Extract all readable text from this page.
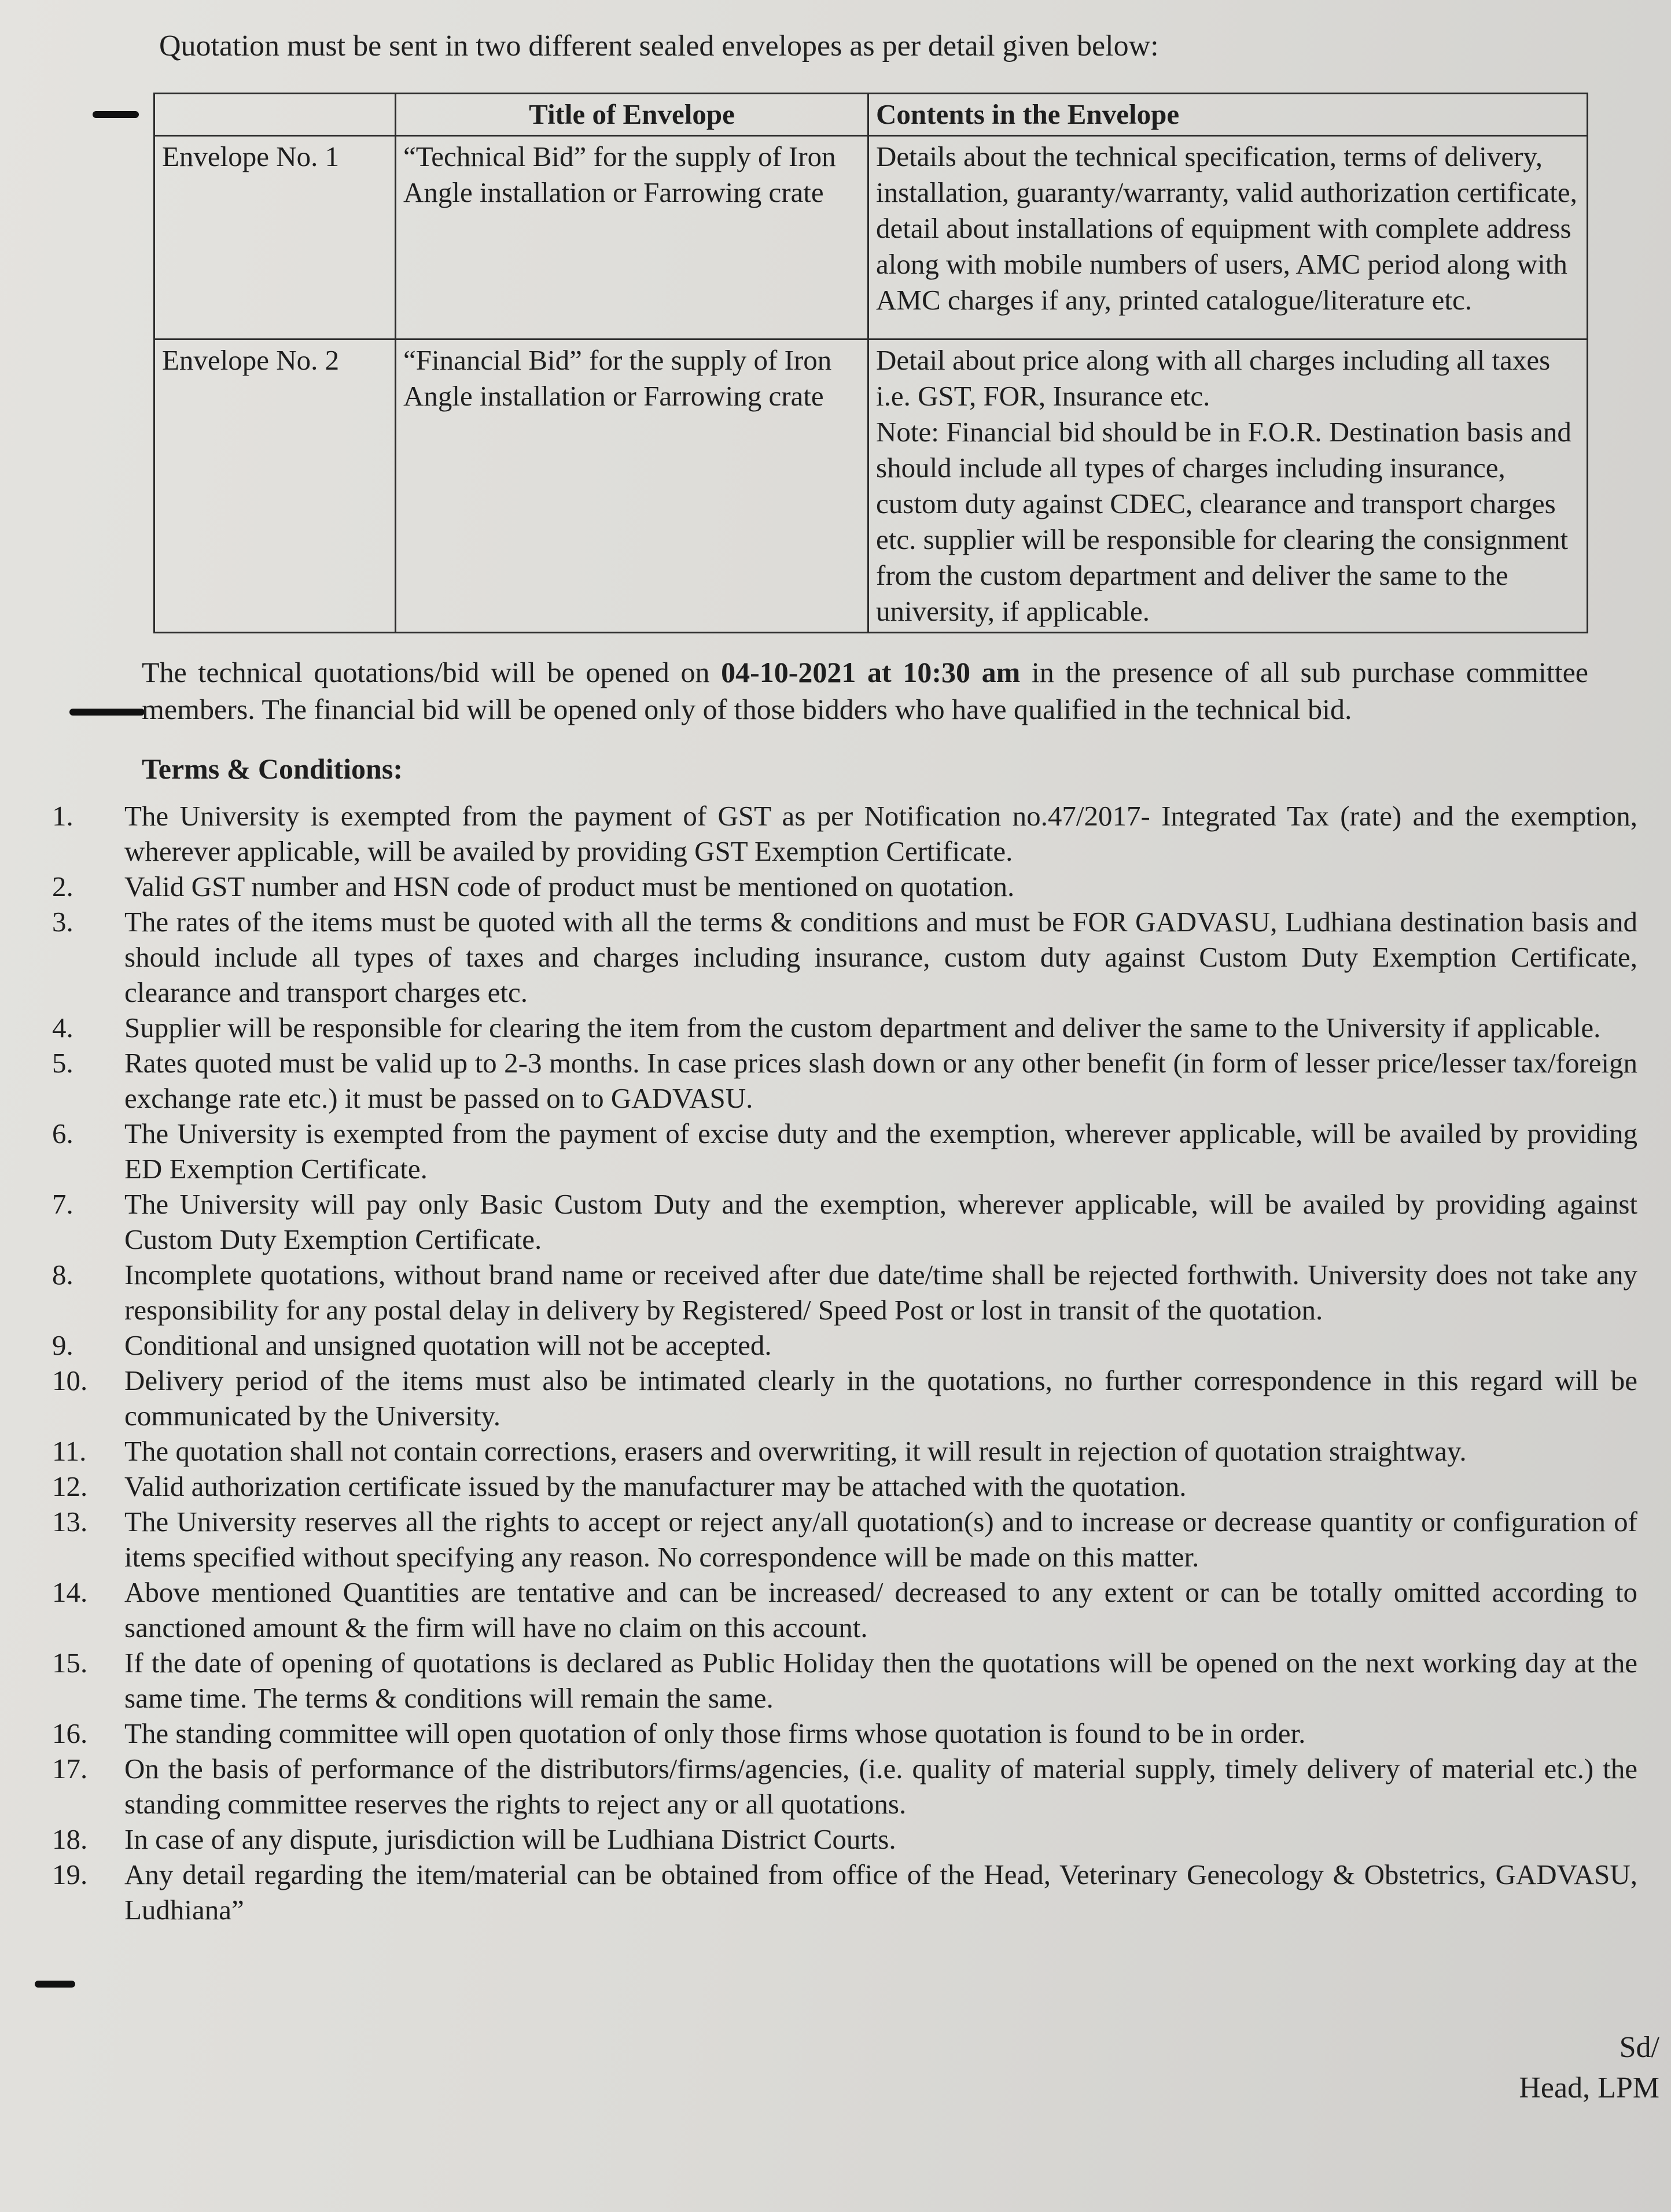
Quotation must be sent in two different sealed envelopes as per detail given below:

	Title of Envelope	Contents in the Envelope
Envelope No. 1	“Technical Bid” for the supply of Iron Angle installation or Farrowing crate	Details about the technical specification, terms of delivery, installation, guaranty/warranty, valid authorization certificate, detail about installations of equipment with complete address along with mobile numbers of users, AMC period along with AMC charges if any, printed catalogue/literature etc.
Envelope No. 2	“Financial Bid” for the supply of Iron Angle installation or Farrowing crate	Detail about price along with all charges including all taxes i.e. GST, FOR, Insurance etc.
Note: Financial bid should be in F.O.R. Destination basis and should include all types of charges including insurance, custom duty against CDEC, clearance and transport charges etc. supplier will be responsible for clearing the consignment from the custom department and deliver the same to the university, if applicable.

The technical quotations/bid will be opened on 04-10-2021 at 10:30 am in the presence of all sub purchase committee members. The financial bid will be opened only of those bidders who have qualified in the technical bid.

Terms & Conditions:

1.	The University is exempted from the payment of GST as per Notification no.47/2017- Integrated Tax (rate) and the exemption, wherever applicable, will be availed by providing GST Exemption Certificate.
2.	Valid GST number and HSN code of product must be mentioned on quotation.
3.	The rates of the items must be quoted with all the terms & conditions and must be FOR GADVASU, Ludhiana destination basis and should include all types of taxes and charges including insurance, custom duty against Custom Duty Exemption Certificate, clearance and transport charges etc.
4.	Supplier will be responsible for clearing the item from the custom department and deliver the same to the University if applicable.
5.	Rates quoted must be valid up to 2-3 months. In case prices slash down or any other benefit (in form of lesser price/lesser tax/foreign exchange rate etc.) it must be passed on to GADVASU.
6.	The University is exempted from the payment of excise duty and the exemption, wherever applicable, will be availed by providing ED Exemption Certificate.
7.	The University will pay only Basic Custom Duty and the exemption, wherever applicable, will be availed by providing against Custom Duty Exemption Certificate.
8.	Incomplete quotations, without brand name or received after due date/time shall be rejected forthwith. University does not take any responsibility for any postal delay in delivery by Registered/ Speed Post or lost in transit of the quotation.
9.	Conditional and unsigned quotation will not be accepted.
10.	Delivery period of the items must also be intimated clearly in the quotations, no further correspondence in this regard will be communicated by the University.
11.	The quotation shall not contain corrections, erasers and overwriting, it will result in rejection of quotation straightway.
12.	Valid authorization certificate issued by the manufacturer may be attached with the quotation.
13.	The University reserves all the rights to accept or reject any/all quotation(s) and to increase or decrease quantity or configuration of items specified without specifying any reason. No correspondence will be made on this matter.
14.	Above mentioned Quantities are tentative and can be increased/ decreased to any extent or can be totally omitted according to sanctioned amount & the firm will have no claim on this account.
15.	If the date of opening of quotations is declared as Public Holiday then the quotations will be opened on the next working day at the same time. The terms & conditions will remain the same.
16.	The standing committee will open quotation of only those firms whose quotation is found to be in order.
17.	On the basis of performance of the distributors/firms/agencies, (i.e. quality of material supply, timely delivery of material etc.) the standing committee reserves the rights to reject any or all quotations.
18.	In case of any dispute, jurisdiction will be Ludhiana District Courts.
19.	Any detail regarding the item/material can be obtained from office of the Head, Veterinary Genecology & Obstetrics, GADVASU, Ludhiana”
Sd/
Head, LPM
